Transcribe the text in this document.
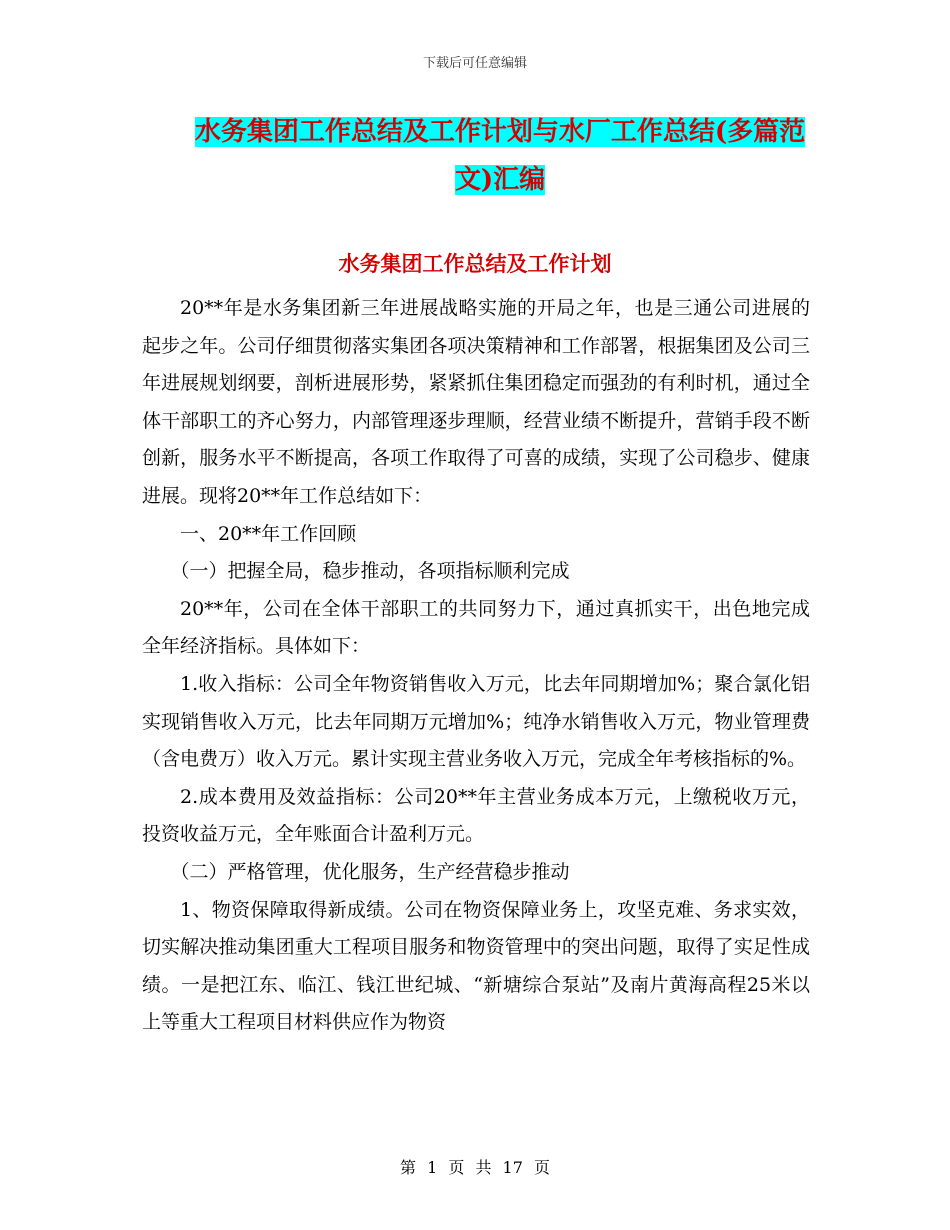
下载后可任意编辑
水务集团工作总结及工作计划与水厂工作总结(多篇范
文)汇编
水务集团工作总结及工作计划

20**年是水务集团新三年进展战略实施的开局之年，也是三通公司进展的起步之年。公司仔细贯彻落实集团各项决策精神和工作部署，根据集团及公司三年进展规划纲要，剖析进展形势，紧紧抓住集团稳定而强劲的有利时机，通过全体干部职工的齐心努力，内部管理逐步理顺，经营业绩不断提升，营销手段不断创新，服务水平不断提高，各项工作取得了可喜的成绩，实现了公司稳步、健康进展。现将20**年工作总结如下：

一、20**年工作回顾

（一）把握全局，稳步推动，各项指标顺利完成

20**年，公司在全体干部职工的共同努力下，通过真抓实干，出色地完成全年经济指标。具体如下：

1.收入指标：公司全年物资销售收入万元，比去年同期增加%；聚合氯化铝实现销售收入万元，比去年同期万元增加%；纯净水销售收入万元，物业管理费（含电费万）收入万元。累计实现主营业务收入万元，完成全年考核指标的%。

2.成本费用及效益指标：公司20**年主营业务成本万元，上缴税收万元，投资收益万元，全年账面合计盈利万元。

（二）严格管理，优化服务，生产经营稳步推动

1、物资保障取得新成绩。公司在物资保障业务上，攻坚克难、务求实效，切实解决推动集团重大工程项目服务和物资管理中的突出问题，取得了实足性成绩。一是把江东、临江、钱江世纪城、“新塘综合泵站”及南片黄海高程25米以上等重大工程项目材料供应作为物资

第 1 页 共 17 页
